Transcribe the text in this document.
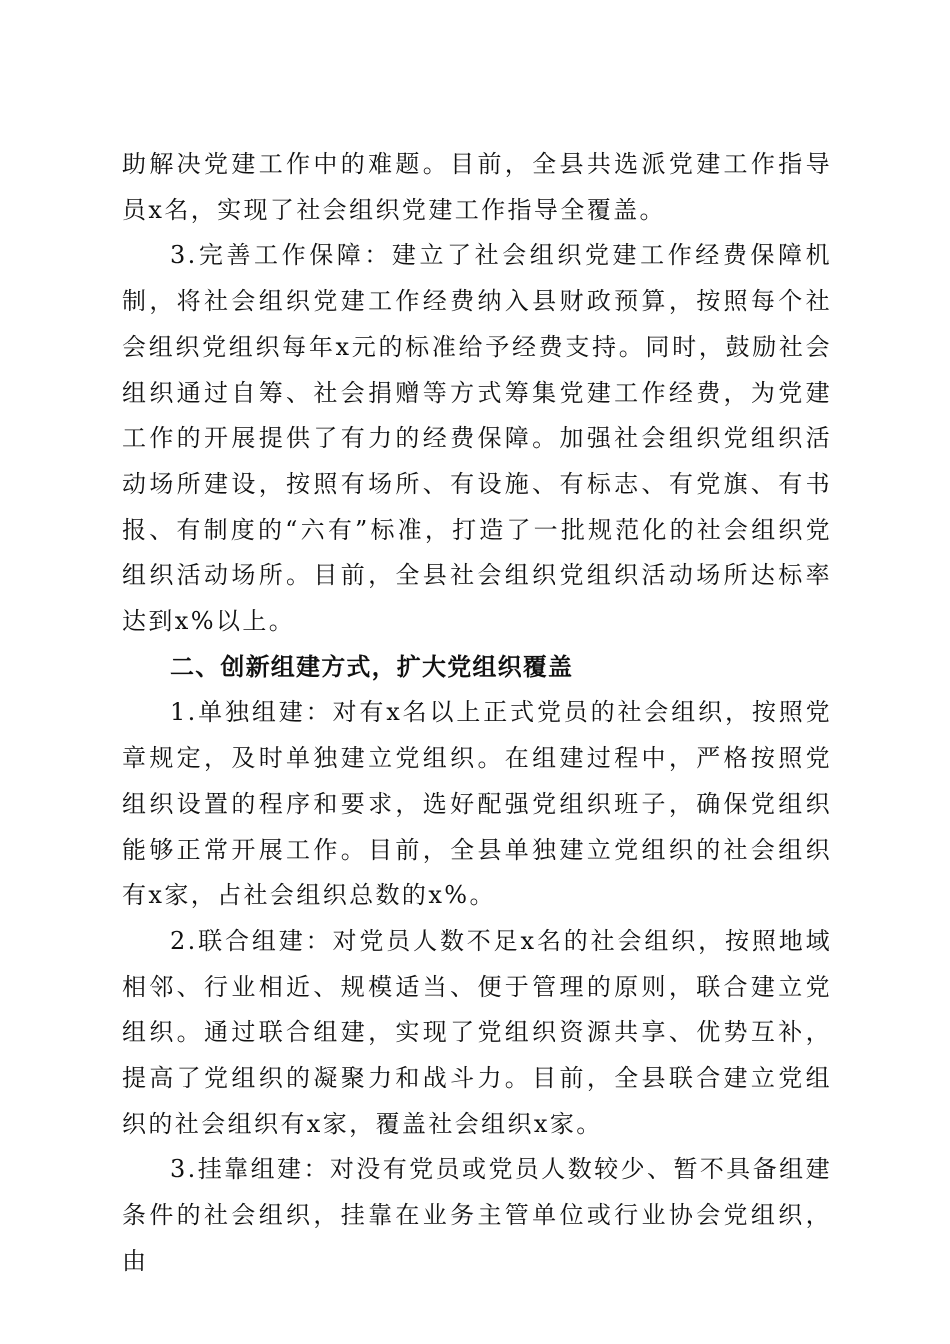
助解决党建工作中的难题。目前，全县共选派党建工作指导员x名，实现了社会组织党建工作指导全覆盖。

3.完善工作保障：建立了社会组织党建工作经费保障机制，将社会组织党建工作经费纳入县财政预算，按照每个社会组织党组织每年x元的标准给予经费支持。同时，鼓励社会组织通过自筹、社会捐赠等方式筹集党建工作经费，为党建工作的开展提供了有力的经费保障。加强社会组织党组织活动场所建设，按照有场所、有设施、有标志、有党旗、有书报、有制度的“六有”标准，打造了一批规范化的社会组织党组织活动场所。目前，全县社会组织党组织活动场所达标率达到x%以上。

二、创新组建方式，扩大党组织覆盖

1.单独组建：对有x名以上正式党员的社会组织，按照党章规定，及时单独建立党组织。在组建过程中，严格按照党组织设置的程序和要求，选好配强党组织班子，确保党组织能够正常开展工作。目前，全县单独建立党组织的社会组织有x家，占社会组织总数的x%。

2.联合组建：对党员人数不足x名的社会组织，按照地域相邻、行业相近、规模适当、便于管理的原则，联合建立党组织。通过联合组建，实现了党组织资源共享、优势互补，提高了党组织的凝聚力和战斗力。目前，全县联合建立党组织的社会组织有x家，覆盖社会组织x家。

3.挂靠组建：对没有党员或党员人数较少、暂不具备组建条件的社会组织，挂靠在业务主管单位或行业协会党组织，由
